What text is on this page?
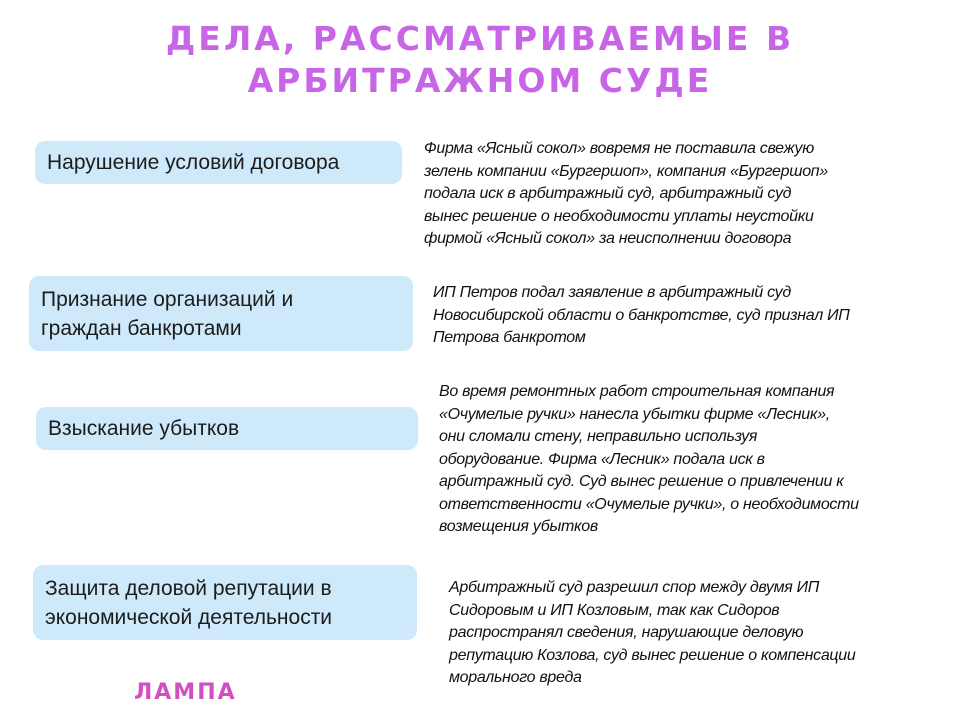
ДЕЛА, РАССМАТРИВАЕМЫЕ В
АРБИТРАЖНОМ СУДЕ
Нарушение условий договора
Фирма «Ясный сокол» вовремя не поставила свежую
зелень компании «Бургершоп», компания «Бургершоп»
подала иск в арбитражный суд, арбитражный суд
вынес решение о необходимости уплаты неустойки
фирмой «Ясный сокол» за неисполнении договора
Признание организаций и
граждан банкротами
ИП Петров подал заявление в арбитражный суд
Новосибирской области о банкротстве, суд признал ИП
Петрова банкротом
Взыскание убытков
Во время ремонтных работ строительная компания
«Очумелые ручки» нанесла убытки фирме «Лесник»,
они сломали стену, неправильно используя
оборудование. Фирма «Лесник» подала иск в
арбитражный суд. Суд вынес решение о привлечении к
ответственности «Очумелые ручки», о необходимости
возмещения убытков
Защита деловой репутации в
экономической деятельности
Арбитражный суд разрешил спор между двумя ИП
Сидоровым и ИП Козловым, так как Сидоров
распространял сведения, нарушающие деловую
репутацию Козлова, суд вынес решение о компенсации
морального вреда
ЛАМПА
